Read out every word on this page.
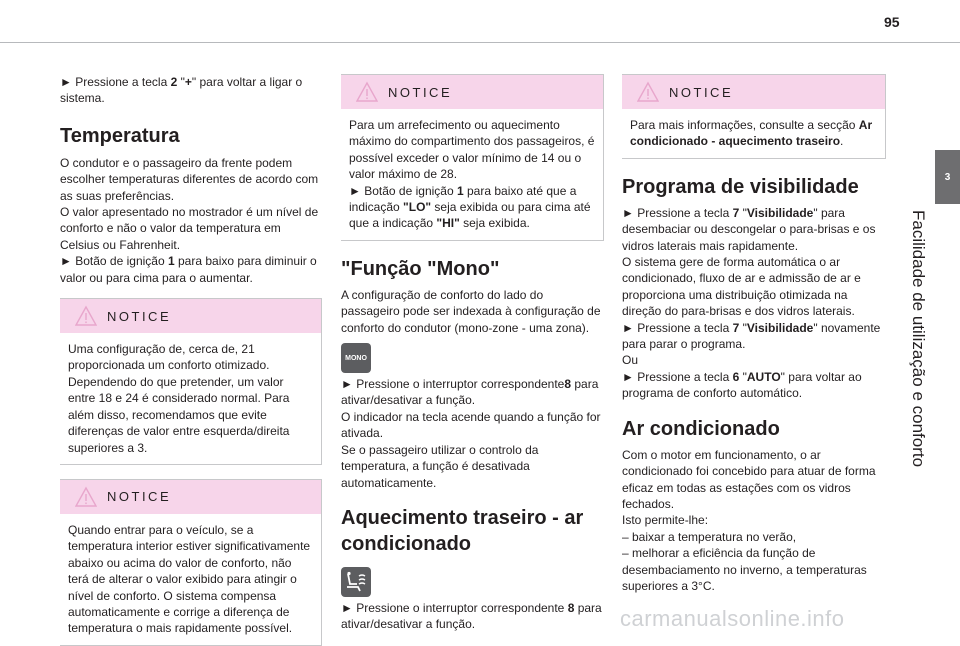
95
3
Facilidade de utilização e conforto

► Pressione a tecla 2 "+" para voltar a ligar o sistema.

Temperatura

O condutor e o passageiro da frente podem escolher temperaturas diferentes de acordo com as suas preferências.

O valor apresentado no mostrador é um nível de conforto e não o valor da temperatura em Celsius ou Fahrenheit.

► Botão de ignição 1 para baixo para diminuir o valor ou para cima para o aumentar.

NOTICE

Uma configuração de, cerca de, 21 proporcionada um conforto otimizado. Dependendo do que pretender, um valor entre 18 e 24 é considerado normal. Para além disso, recomendamos que evite diferenças de valor entre esquerda/direita superiores a 3.

NOTICE

Quando entrar para o veículo, se a temperatura interior estiver significativamente abaixo ou acima do valor de conforto, não terá de alterar o valor exibido para atingir o nível de conforto. O sistema compensa automaticamente e corrige a diferença de temperatura o mais rapidamente possível.

NOTICE

Para um arrefecimento ou aquecimento máximo do compartimento dos passageiros, é possível exceder o valor mínimo de 14 ou o valor máximo de 28.

► Botão de ignição 1 para baixo até que a indicação "LO" seja exibida ou para cima até que a indicação "HI" seja exibida.

"Função "Mono"

A configuração de conforto do lado do passageiro pode ser indexada à configuração de conforto do condutor (mono-zone - uma zona).

MONO

► Pressione o interruptor correspondente8 para ativar/desativar a função.

O indicador na tecla acende quando a função for ativada.

Se o passageiro utilizar o controlo da temperatura, a função é desativada automaticamente.

Aquecimento traseiro - ar condicionado

► Pressione o interruptor correspondente 8 para ativar/desativar a função.

NOTICE

Para mais informações, consulte a secção Ar condicionado - aquecimento traseiro.

Programa de visibilidade

► Pressione a tecla 7 "Visibilidade" para desembaciar ou descongelar o para-brisas e os vidros laterais mais rapidamente.

O sistema gere de forma automática o ar condicionado, fluxo de ar e admissão de ar e proporciona uma distribuição otimizada na direção do para-brisas e dos vidros laterais.

► Pressione a tecla 7 "Visibilidade" novamente para parar o programa.

Ou

► Pressione a tecla 6 "AUTO" para voltar ao programa de conforto automático.

Ar condicionado

Com o motor em funcionamento, o ar condicionado foi concebido para atuar de forma eficaz em todas as estações com os vidros fechados.

Isto permite-lhe:

– baixar a temperatura no verão,

– melhorar a eficiência da função de desembaciamento no inverno, a temperaturas superiores a 3°C.

carmanualsonline.info
